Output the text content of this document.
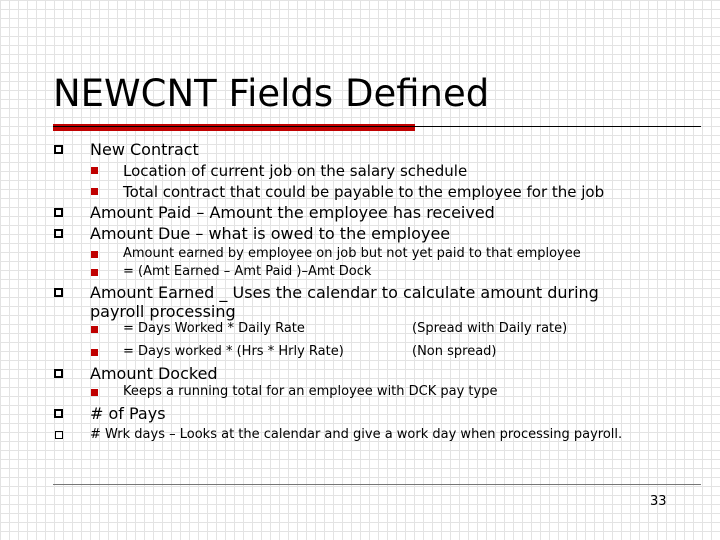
NEWCNT Fields Defined
New Contract
Location of current job on the salary schedule
Total contract that could be payable to the employee for the job
Amount Paid – Amount the employee has received
Amount Due – what is owed to the employee
Amount earned by employee on job but not yet paid to that employee
= (Amt Earned – Amt Paid )–Amt Dock
Amount Earned _ Uses the calendar to calculate amount during
payroll processing
= Days Worked * Daily Rate	(Spread with Daily rate)
= Days worked * (Hrs * Hrly Rate)	(Non spread)
Amount Docked
Keeps a running total for an employee with DCK pay type
# of Pays
# Wrk days – Looks at the calendar and give a work day when processing payroll.
33
